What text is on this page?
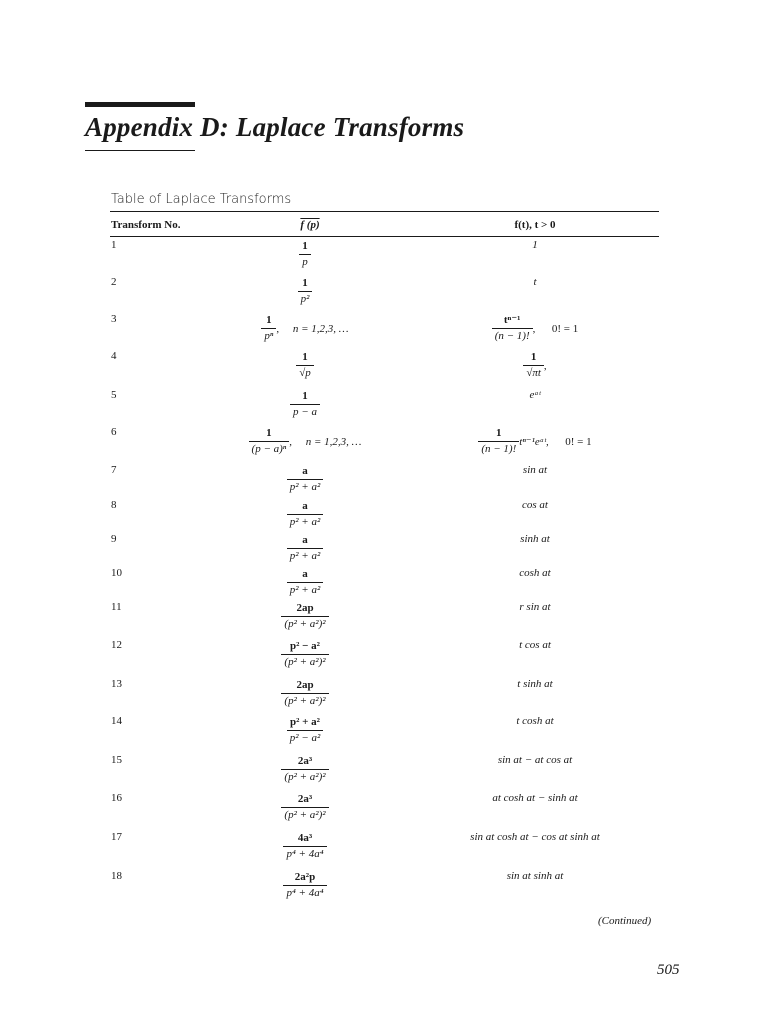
Appendix D: Laplace Transforms
Table of Laplace Transforms
Transform No.	f (p)	f(t), t > 0
1	$\frac{1}{p}$	1
2	$\frac{1}{\text{p²}}$	t
3	$\frac{1}{\text{pⁿ}}$ ,     n = 1,2,3, …	$\frac{\text{tⁿ⁻¹}}{(n - 1)!}$ , 0! = 1
4	$\frac{1}{√p}$	$\frac{1}{√\pi t}$ ,
5	$\frac{1}{p - a}$	eᵃᵗ
6	$\frac{1}{\text{(p − a)ⁿ}}$ ,     n = 1,2,3, …	$\frac{1}{(n - 1)!}$ tⁿ⁻¹eᵃᵗ, 0! = 1
7	$\frac{a}{\text{p² + a²}}$	sin at
8	$\frac{a}{\text{p² + a²}}$	cos at
9	$\frac{a}{\text{p² + a²}}$	sinh at
10	$\frac{a}{\text{p² + a²}}$	cosh at
11	$\frac{2ap}{\text{(p² + a²)²}}$	r sin at
12	$\frac{\text{p² − a²}}{\text{(p² + a²)²}}$	t cos at
13	$\frac{2ap}{\text{(p² + a²)²}}$	t sinh at
14	$\frac{\text{p² + a²}}{\text{p² − a²}}$	t cosh at
15	$\frac{\text{2a³}}{\text{(p² + a²)²}}$	sin at − at cos at
16	$\frac{\text{2a³}}{\text{(p² + a²)²}}$	at cosh at − sinh at
17	$\frac{\text{4a³}}{\text{p⁴ + 4a⁴}}$	sin at cosh at − cos at sinh at
18	$\frac{\text{2a²p}}{\text{p⁴ + 4a⁴}}$	sin at sinh at
(Continued)
505
